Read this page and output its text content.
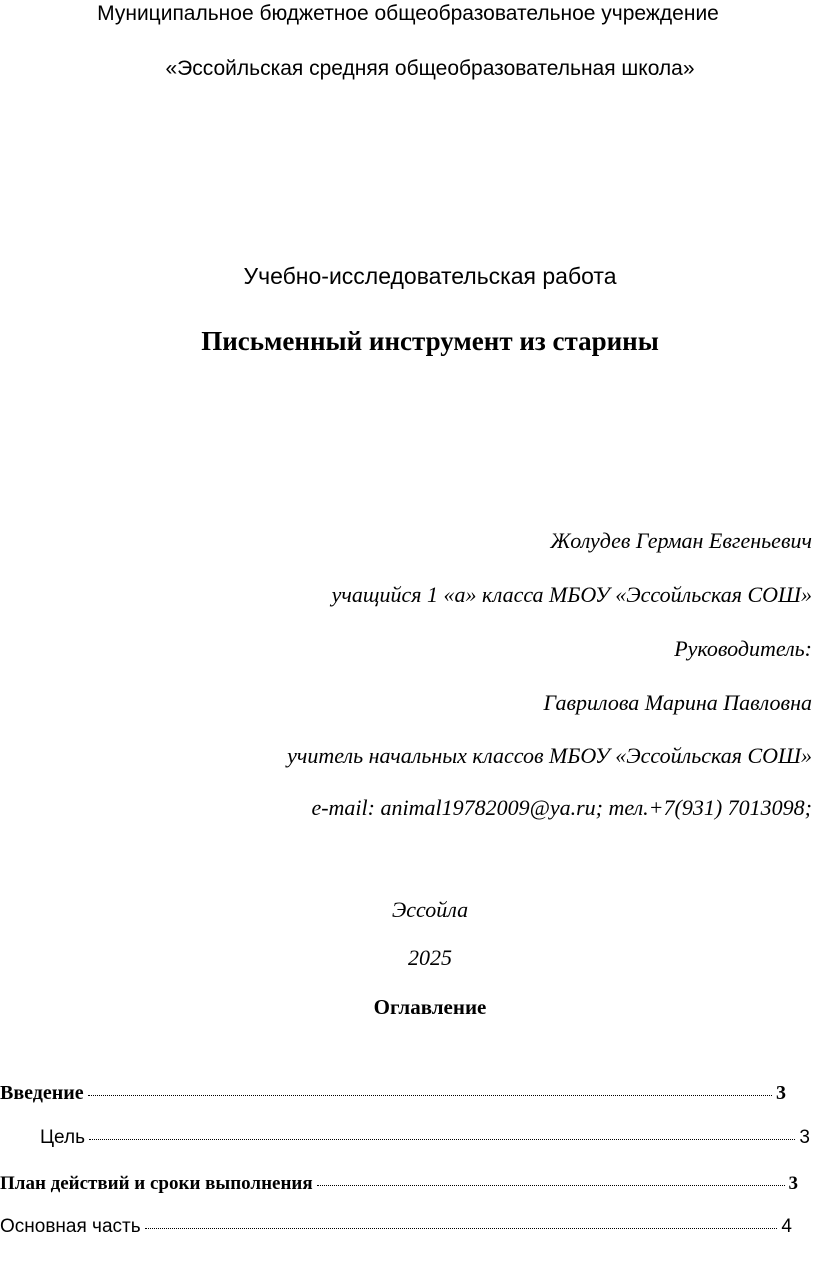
Муниципальное бюджетное общеобразовательное учреждение
«Эссойльская средняя общеобразовательная школа»
Учебно-исследовательская работа
Письменный инструмент из старины
Жолудев Герман Евгеньевич
учащийся 1 «а» класса МБОУ «Эссойльская СОШ»
Руководитель:
Гаврилова Марина Павловна
учитель начальных классов МБОУ «Эссойльская СОШ»
e-mail: animal19782009@ya.ru; тел.+7(931) 7013098;
Эссойла
2025
Оглавление
Введение	3
Цель	3
План действий и сроки выполнения	3
Основная часть	4
